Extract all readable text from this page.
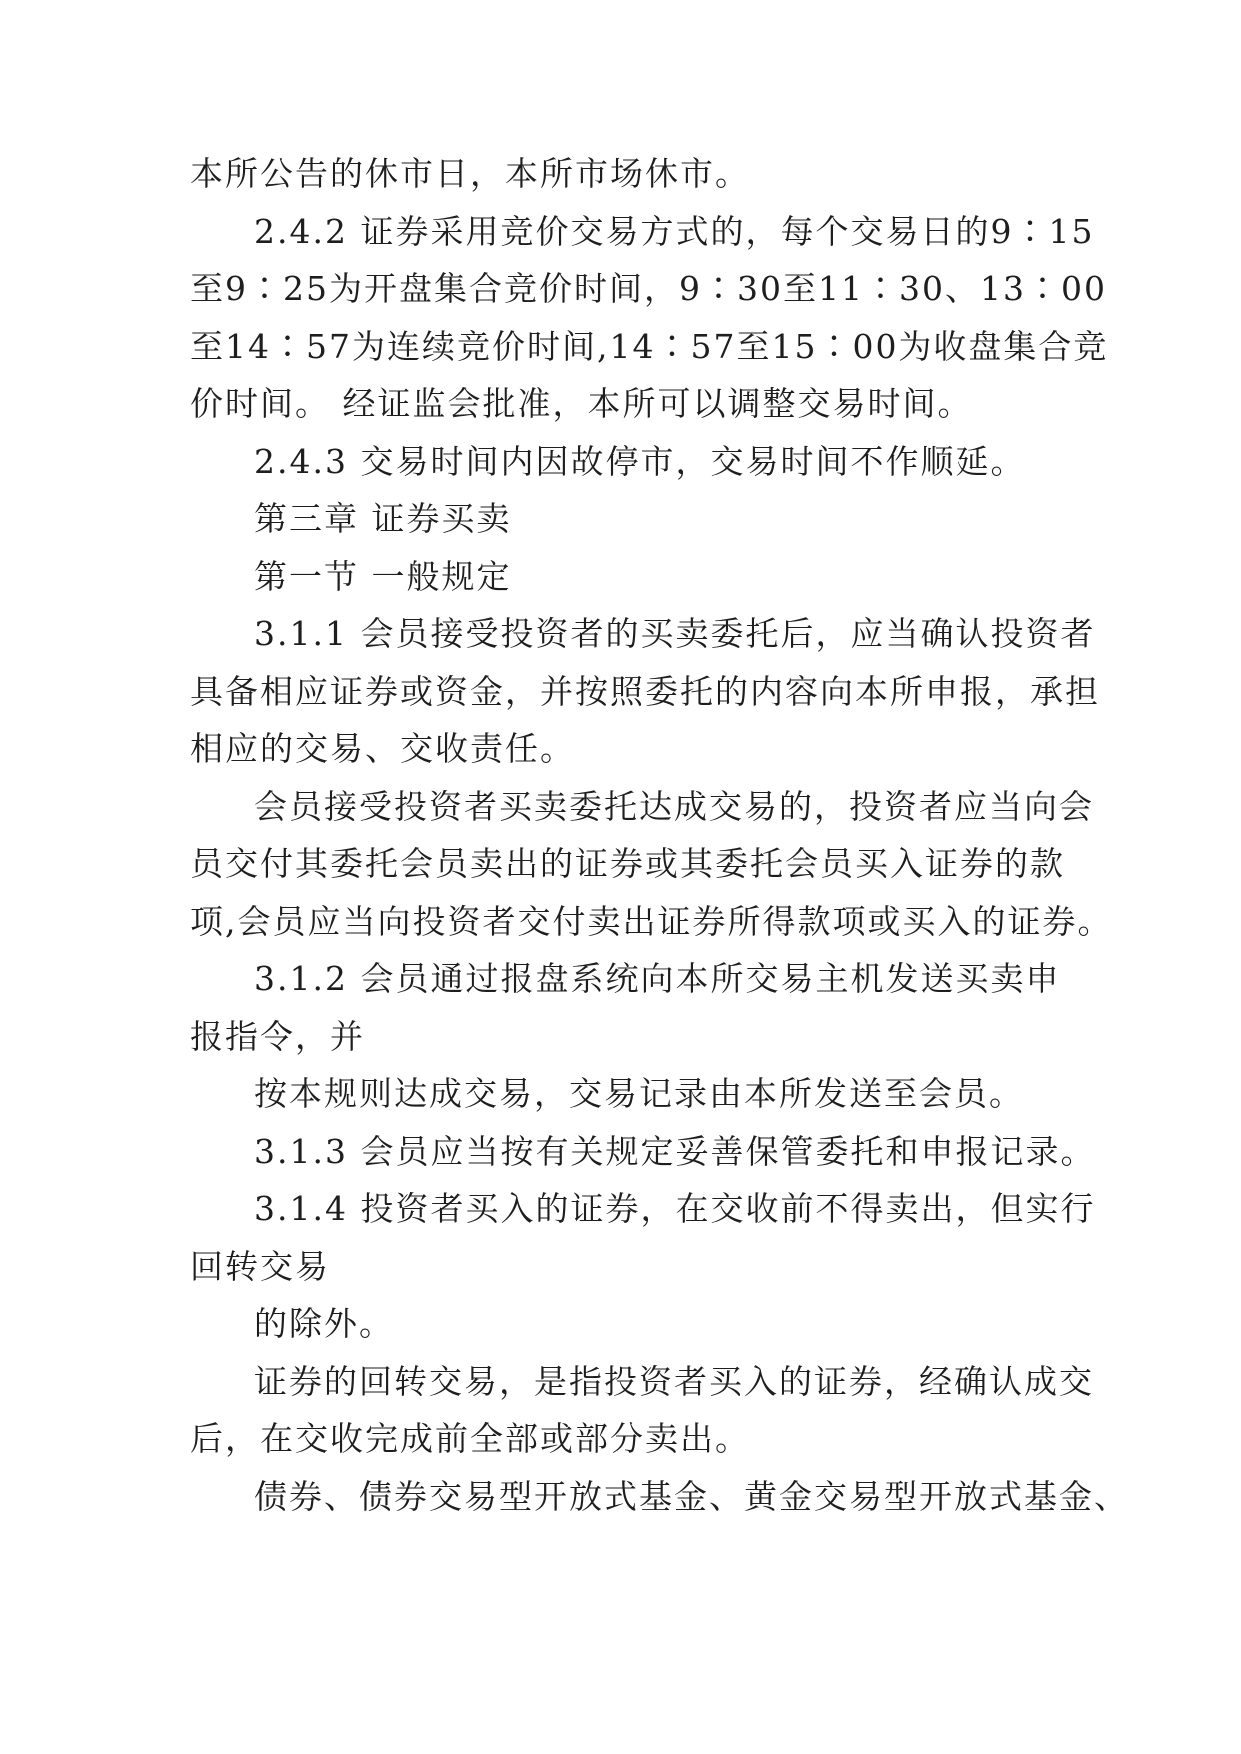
本所公告的休市日，本所市场休市。
2.4.2 证券采用竞价交易方式的，每个交易日的9∶15
至9∶25为开盘集合竞价时间，9∶30至11∶30、13∶00
至14∶57为连续竞价时间,14∶57至15∶00为收盘集合竞
价时间。 经证监会批准，本所可以调整交易时间。
2.4.3 交易时间内因故停市，交易时间不作顺延。
第三章 证券买卖
第一节 一般规定
3.1.1 会员接受投资者的买卖委托后，应当确认投资者
具备相应证券或资金，并按照委托的内容向本所申报，承担
相应的交易、交收责任。
会员接受投资者买卖委托达成交易的，投资者应当向会
员交付其委托会员卖出的证券或其委托会员买入证券的款
项,会员应当向投资者交付卖出证券所得款项或买入的证券。
3.1.2 会员通过报盘系统向本所交易主机发送买卖申
报指令，并
按本规则达成交易，交易记录由本所发送至会员。
3.1.3 会员应当按有关规定妥善保管委托和申报记录。
3.1.4 投资者买入的证券，在交收前不得卖出，但实行
回转交易
的除外。
证券的回转交易，是指投资者买入的证券，经确认成交
后，在交收完成前全部或部分卖出。
债券、债券交易型开放式基金、黄金交易型开放式基金、
